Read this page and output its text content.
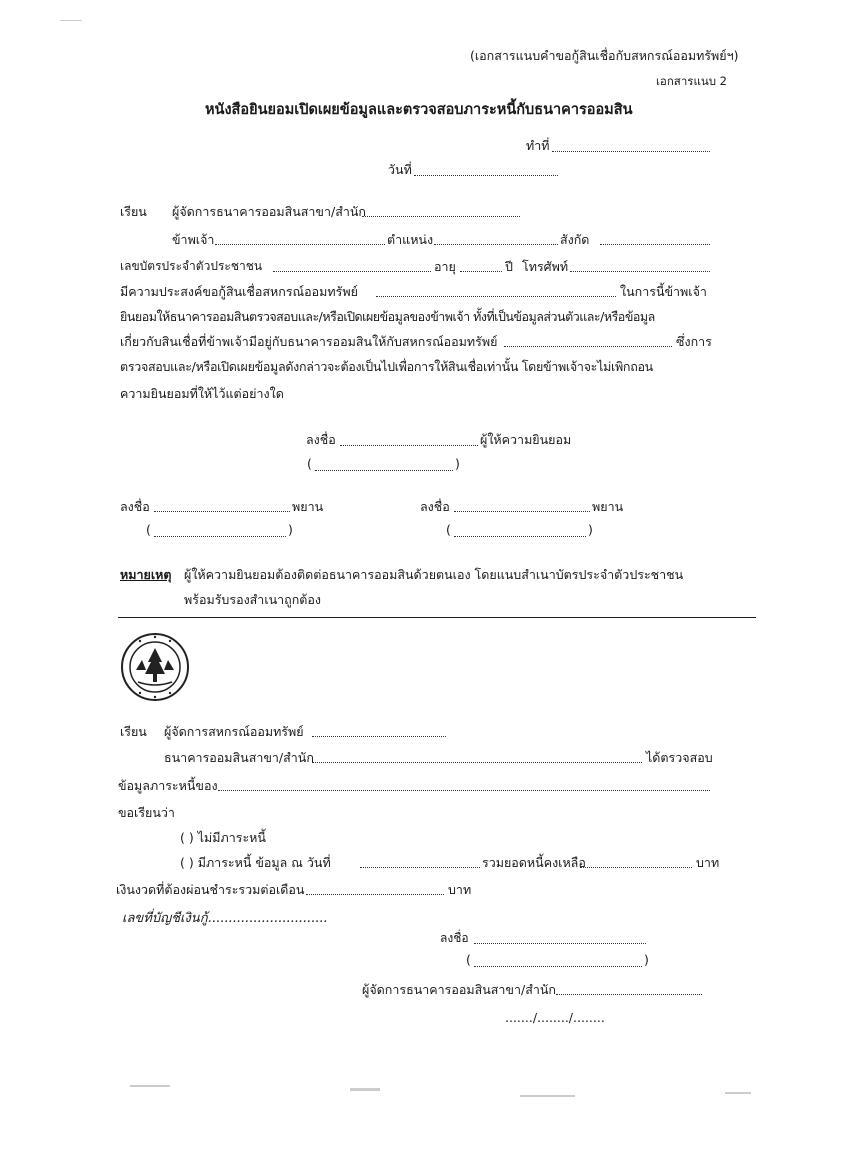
(เอกสารแนบคำขอกู้สินเชื่อกับสหกรณ์ออมทรัพย์ฯ)
เอกสารแนบ 2
หนังสือยินยอมเปิดเผยข้อมูลและตรวจสอบภาระหนี้กับธนาคารออมสิน
ทำที่
วันที่
เรียน ผู้จัดการธนาคารออมสินสาขา/สำนัก
ข้าพเจ้า	ตำแหน่ง	สังกัด
เลขบัตรประจำตัวประชาชน	อายุ	ปี โทรศัพท์
มีความประสงค์ขอกู้สินเชื่อสหกรณ์ออมทรัพย์	ในการนี้ข้าพเจ้า
ยินยอมให้ธนาคารออมสินตรวจสอบและ/หรือเปิดเผยข้อมูลของข้าพเจ้า ทั้งที่เป็นข้อมูลส่วนตัวและ/หรือข้อมูล
เกี่ยวกับสินเชื่อที่ข้าพเจ้ามีอยู่กับธนาคารออมสินให้กับสหกรณ์ออมทรัพย์	ซึ่งการ
ตรวจสอบและ/หรือเปิดเผยข้อมูลดังกล่าวจะต้องเป็นไปเพื่อการให้สินเชื่อเท่านั้น โดยข้าพเจ้าจะไม่เพิกถอน
ความยินยอมที่ให้ไว้แต่อย่างใด
ลงชื่อ	ผู้ให้ความยินยอม
(	)
ลงชื่อ	พยาน
(	)
ลงชื่อ	พยาน
(	)
หมายเหตุ ผู้ให้ความยินยอมต้องติดต่อธนาคารออมสินด้วยตนเอง โดยแนบสำเนาบัตรประจำตัวประชาชน
พร้อมรับรองสำเนาถูกต้อง
เรียน ผู้จัดการสหกรณ์ออมทรัพย์
ธนาคารออมสินสาขา/สำนัก	ได้ตรวจสอบ
ข้อมูลภาระหนี้ของ
ขอเรียนว่า
( ) ไม่มีภาระหนี้
( ) มีภาระหนี้ ข้อมูล ณ วันที่	รวมยอดหนี้คงเหลือ	บาท
เงินงวดที่ต้องผ่อนชำระรวมต่อเดือน	บาท
เลขที่บัญชีเงินกู้.............................
ลงชื่อ
(	)
ผู้จัดการธนาคารออมสินสาขา/สำนัก
......./......../........
